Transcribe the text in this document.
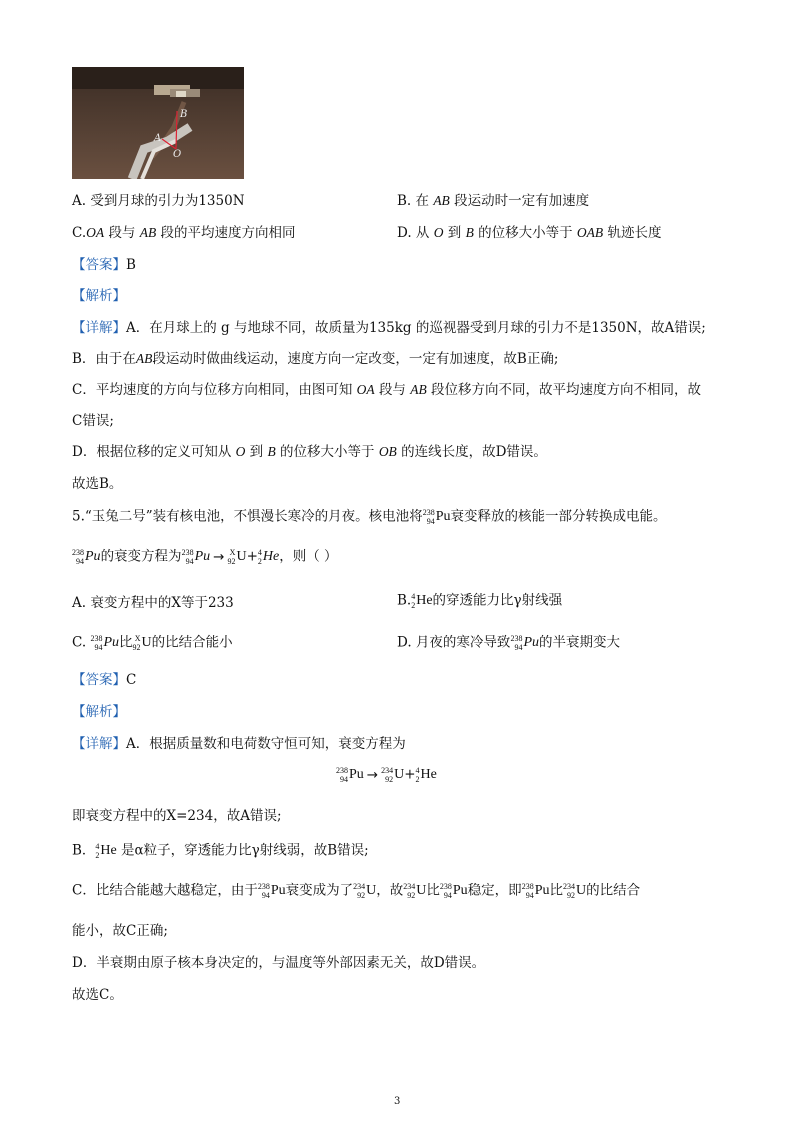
A
B
O
A. 受到月球的引力为1350N	B. 在 AB 段运动时一定有加速度
C.OA 段与 AB 段的平均速度方向相同	D. 从 O 到 B 的位移大小等于 OAB 轨迹长度
【答案】B
【解析】
【详解】A．在月球上的 g 与地球不同，故质量为135kg 的巡视器受到月球的引力不是1350N，故A错误;
B．由于在AB段运动时做曲线运动，速度方向一定改变，一定有加速度，故B正确;
C．平均速度的方向与位移方向相同，由图可知 OA 段与 AB 段位移方向不同，故平均速度方向不相同，故
C错误;
D．根据位移的定义可知从 O 到 B 的位移大小等于 OB 的连线长度，故D错误。
故选B。
5.“玉兔二号”装有核电池，不惧漫长寒冷的月夜。核电池将 238
94 Pu 衰变释放的核能一部分转换成电能。
238
94 Pu 的衰变方程为 238
94 Pu → X
92 U + 4
2 He ，则（ ）
A. 衰变方程中的X等于233	B. 4
2 He 的穿透能力比γ射线强
C. 238
94 Pu 比 X
92 U 的比结合能小	D. 月夜的寒冷导致 238
94 Pu 的半衰期变大
【答案】C
【解析】
【详解】A．根据质量数和电荷数守恒可知，衰变方程为
238
94 Pu → 234
92 U + 4
2 He
即衰变方程中的X=234，故A错误;
B． 4
2 He 是α粒子，穿透能力比γ射线弱，故B错误;
C．比结合能越大越稳定，由于 238
94 Pu 衰变成为了 234
92 U ，故 234
92 U 比 238
94 Pu 稳定，即 238
94 Pu 比 234
92 U 的比结合
能小，故C正确;
D．半衰期由原子核本身决定的，与温度等外部因素无关，故D错误。
故选C。
3
